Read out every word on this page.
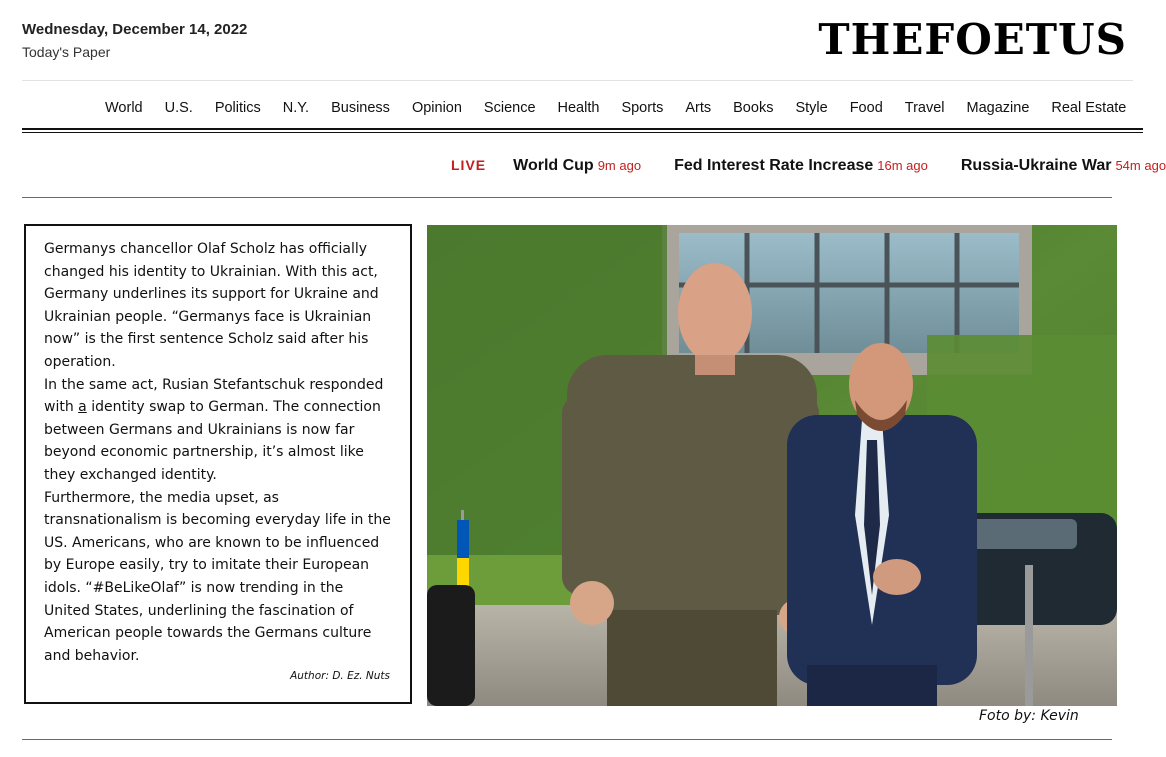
Wednesday, December 14, 2022
Today's Paper	THEFOETUS
World U.S. Politics N.Y. Business Opinion Science Health Sports Arts Books Style Food Travel Magazine Real Estate
LIVE World Cup 9m ago Fed Interest Rate Increase 16m ago Russia-Ukraine War 54m ago

Germanys chancellor Olaf Scholz has officially changed his identity to Ukrainian. With this act, Germany underlines its support for Ukraine and Ukrainian people. “Germanys face is Ukrainian now” is the first sentence Scholz said after his operation.

In the same act, Rusian Stefantschuk responded with a identity swap to German. The connection between Germans and Ukrainians is now far beyond economic partnership, it’s almost like they exchanged identity.

Furthermore, the media upset, as transnationalism is becoming everyday life in the US. Americans, who are known to be influenced by Europe easily, try to imitate their European idols. “#BeLikeOlaf” is now trending in the United States, underlining the fascination of American people towards the Germans culture and behavior.

Author: D. Ez. Nuts
Foto by: Kevin
